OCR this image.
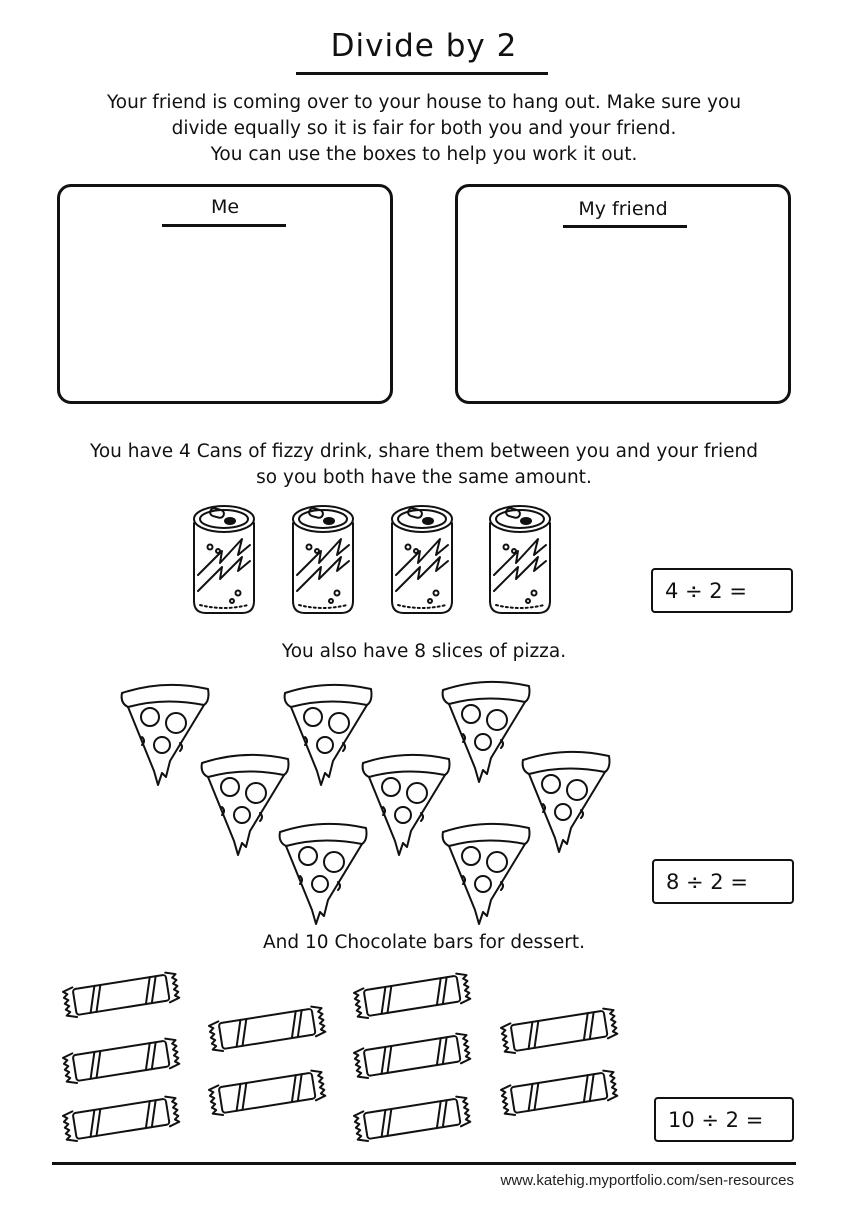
Divide by 2
Your friend is coming over to your house to hang out. Make sure you
divide equally so it is fair for both you and your friend.
You can use the boxes to help you work it out.
Me	My friend
You have 4 Cans of fizzy drink, share them between you and your friend
so you both have the same amount.
4 ÷ 2 =
You also have 8 slices of pizza.
8 ÷ 2 =
And 10 Chocolate bars for dessert.
10 ÷ 2 =
www.katehig.myportfolio.com/sen-resources
